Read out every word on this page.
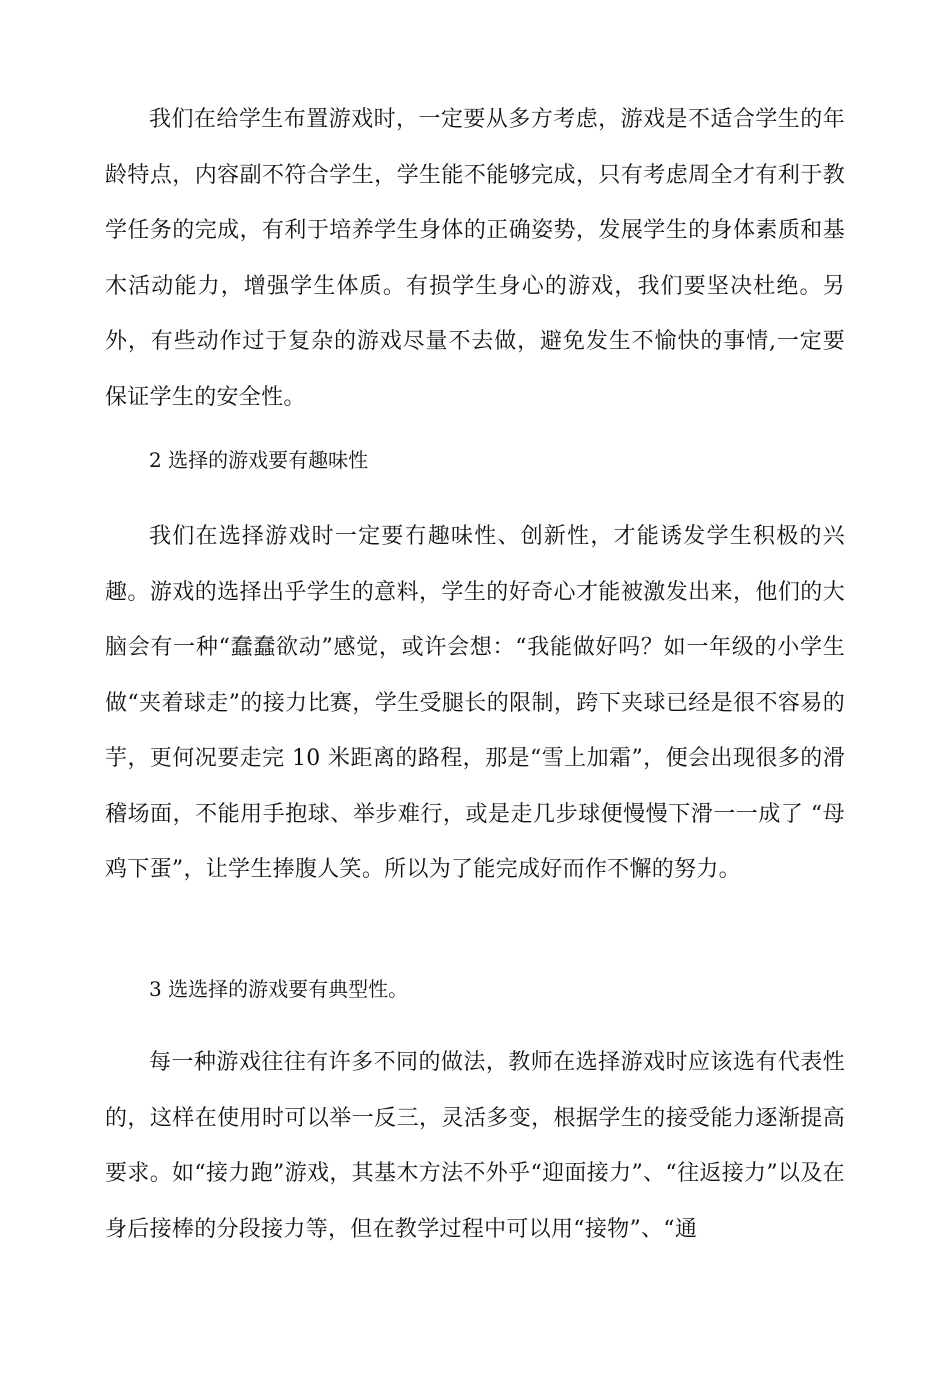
我们在给学生布置游戏时，一定要从多方考虑，游戏是不适合学生的年龄特点，内容副不符合学生，学生能不能够完成，只有考虑周全才有利于教学任务的完成，有利于培养学生身体的正确姿势，发展学生的身体素质和基木活动能力，增强学生体质。有损学生身心的游戏，我们要坚决杜绝。另外，有些动作过于复杂的游戏尽量不去做，避免发生不愉快的事情,一定要保证学生的安全性。

2 选择的游戏要有趣味性

我们在选择游戏时一定要冇趣味性、创新性，才能诱发学生积极的兴趣。游戏的选择出乎学生的意料，学生的好奇心才能被激发出来，他们的大脑会有一种“蠢蠢欲动”感觉，或许会想：“我能做好吗？如一年级的小学生做“夹着球走”的接力比赛，学生受腿长的限制，跨下夹球已经是很不容易的芋，更何况要走完 10 米距离的路程，那是“雪上加霜”，便会出现很多的滑稽场面，不能用手抱球、举步难行，或是走几步球便慢慢下滑一一成了 “母鸡下蛋”，让学生捧腹人笑。所以为了能完成好而作不懈的努力。

3 选选择的游戏要有典型性。

每一种游戏往往有许多不同的做法，教师在选择游戏时应该选有代表性的，这样在使用时可以举一反三，灵活多变，根据学生的接受能力逐渐提高要求。如“接力跑”游戏，其基木方法不外乎“迎面接力”、“往返接力”以及在身后接棒的分段接力等，但在教学过程中可以用“接物”、“通
